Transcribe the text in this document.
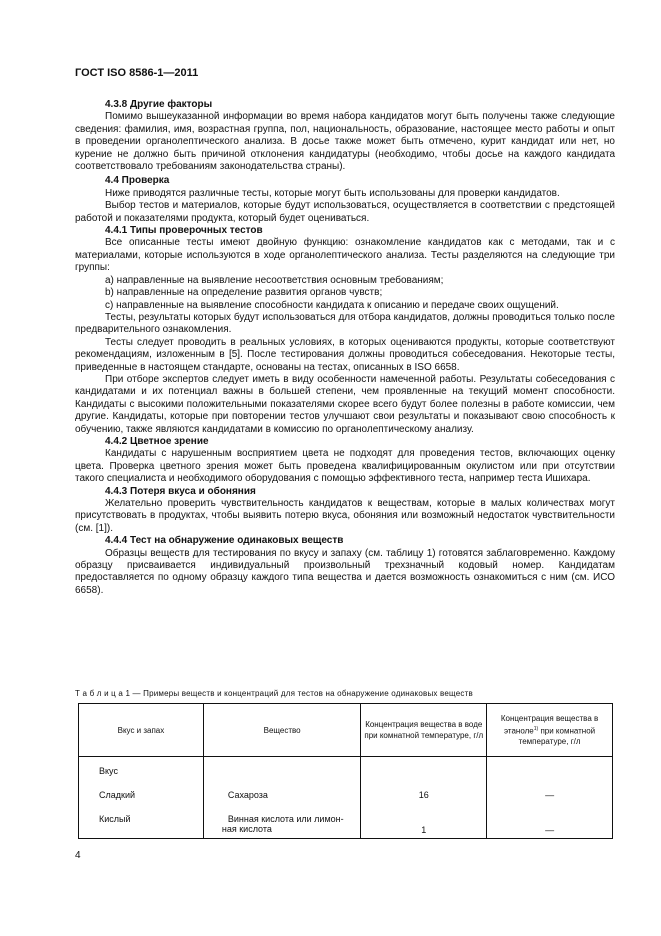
ГОСТ ISO 8586-1—2011

4.3.8 Другие факторы

Помимо вышеуказанной информации во время набора кандидатов могут быть получены также следующие сведения: фамилия, имя, возрастная группа, пол, национальность, образование, настоящее место работы и опыт в проведении органолептического анализа. В досье также может быть отмечено, курит кандидат или нет, но курение не должно быть причиной отклонения кандидатуры (необходимо, чтобы досье на каждого кандидата соответствовало требованиям законодательства страны).

4.4 Проверка

Ниже приводятся различные тесты, которые могут быть использованы для проверки кандидатов.

Выбор тестов и материалов, которые будут использоваться, осуществляется в соответствии с предстоящей работой и показателями продукта, который будет оцениваться.

4.4.1 Типы проверочных тестов

Все описанные тесты имеют двойную функцию: ознакомление кандидатов как с методами, так и с материалами, которые используются в ходе органолептического анализа. Тесты разделяются на следующие три группы:

a) направленные на выявление несоответствия основным требованиям;

b) направленные на определение развития органов чувств;

c) направленные на выявление способности кандидата к описанию и передаче своих ощущений.

Тесты, результаты которых будут использоваться для отбора кандидатов, должны проводиться только после предварительного ознакомления.

Тесты следует проводить в реальных условиях, в которых оцениваются продукты, которые соответствуют рекомендациям, изложенным в [5]. После тестирования должны проводиться собеседования. Некоторые тесты, приведенные в настоящем стандарте, основаны на тестах, описанных в ISO 6658.

При отборе экспертов следует иметь в виду особенности намеченной работы. Результаты собеседования с кандидатами и их потенциал важны в большей степени, чем проявленные на текущий момент способности. Кандидаты с высокими положительными показателями скорее всего будут более полезны в работе комиссии, чем другие. Кандидаты, которые при повторении тестов улучшают свои результаты и показывают свою способность к обучению, также являются кандидатами в комиссию по органолептическому анализу.

4.4.2 Цветное зрение

Кандидаты с нарушенным восприятием цвета не подходят для проведения тестов, включающих оценку цвета. Проверка цветного зрения может быть проведена квалифицированным окулистом или при отсутствии такого специалиста и необходимого оборудования с помощью эффективного теста, например теста Ишихара.

4.4.3 Потеря вкуса и обоняния

Желательно проверить чувствительность кандидатов к веществам, которые в малых количествах могут присутствовать в продуктах, чтобы выявить потерю вкуса, обоняния или возможный недостаток чувствительности (см. [1]).

4.4.4 Тест на обнаружение одинаковых веществ

Образцы веществ для тестирования по вкусу и запаху (см. таблицу 1) готовятся заблаговременно. Каждому образцу присваивается индивидуальный произвольный трехзначный кодовый номер. Кандидатам предоставляется по одному образцу каждого типа вещества и дается возможность ознакомиться с ним (см. ИСО 6658).

Т а б л и ц а 1 — Примеры веществ и концентраций для тестов на обнаружение одинаковых веществ
Вкус и запах	Вещество	Концентрация вещества в воде при комнатной температуре, г/л	Концентрация вещества в этаноле$^{1)}$ при комнатной температуре, г/л
Вкус			
Сладкий	Сахароза	16	—
Кислый	Винная кислота или лимон-
ная кислота	1	—
4
